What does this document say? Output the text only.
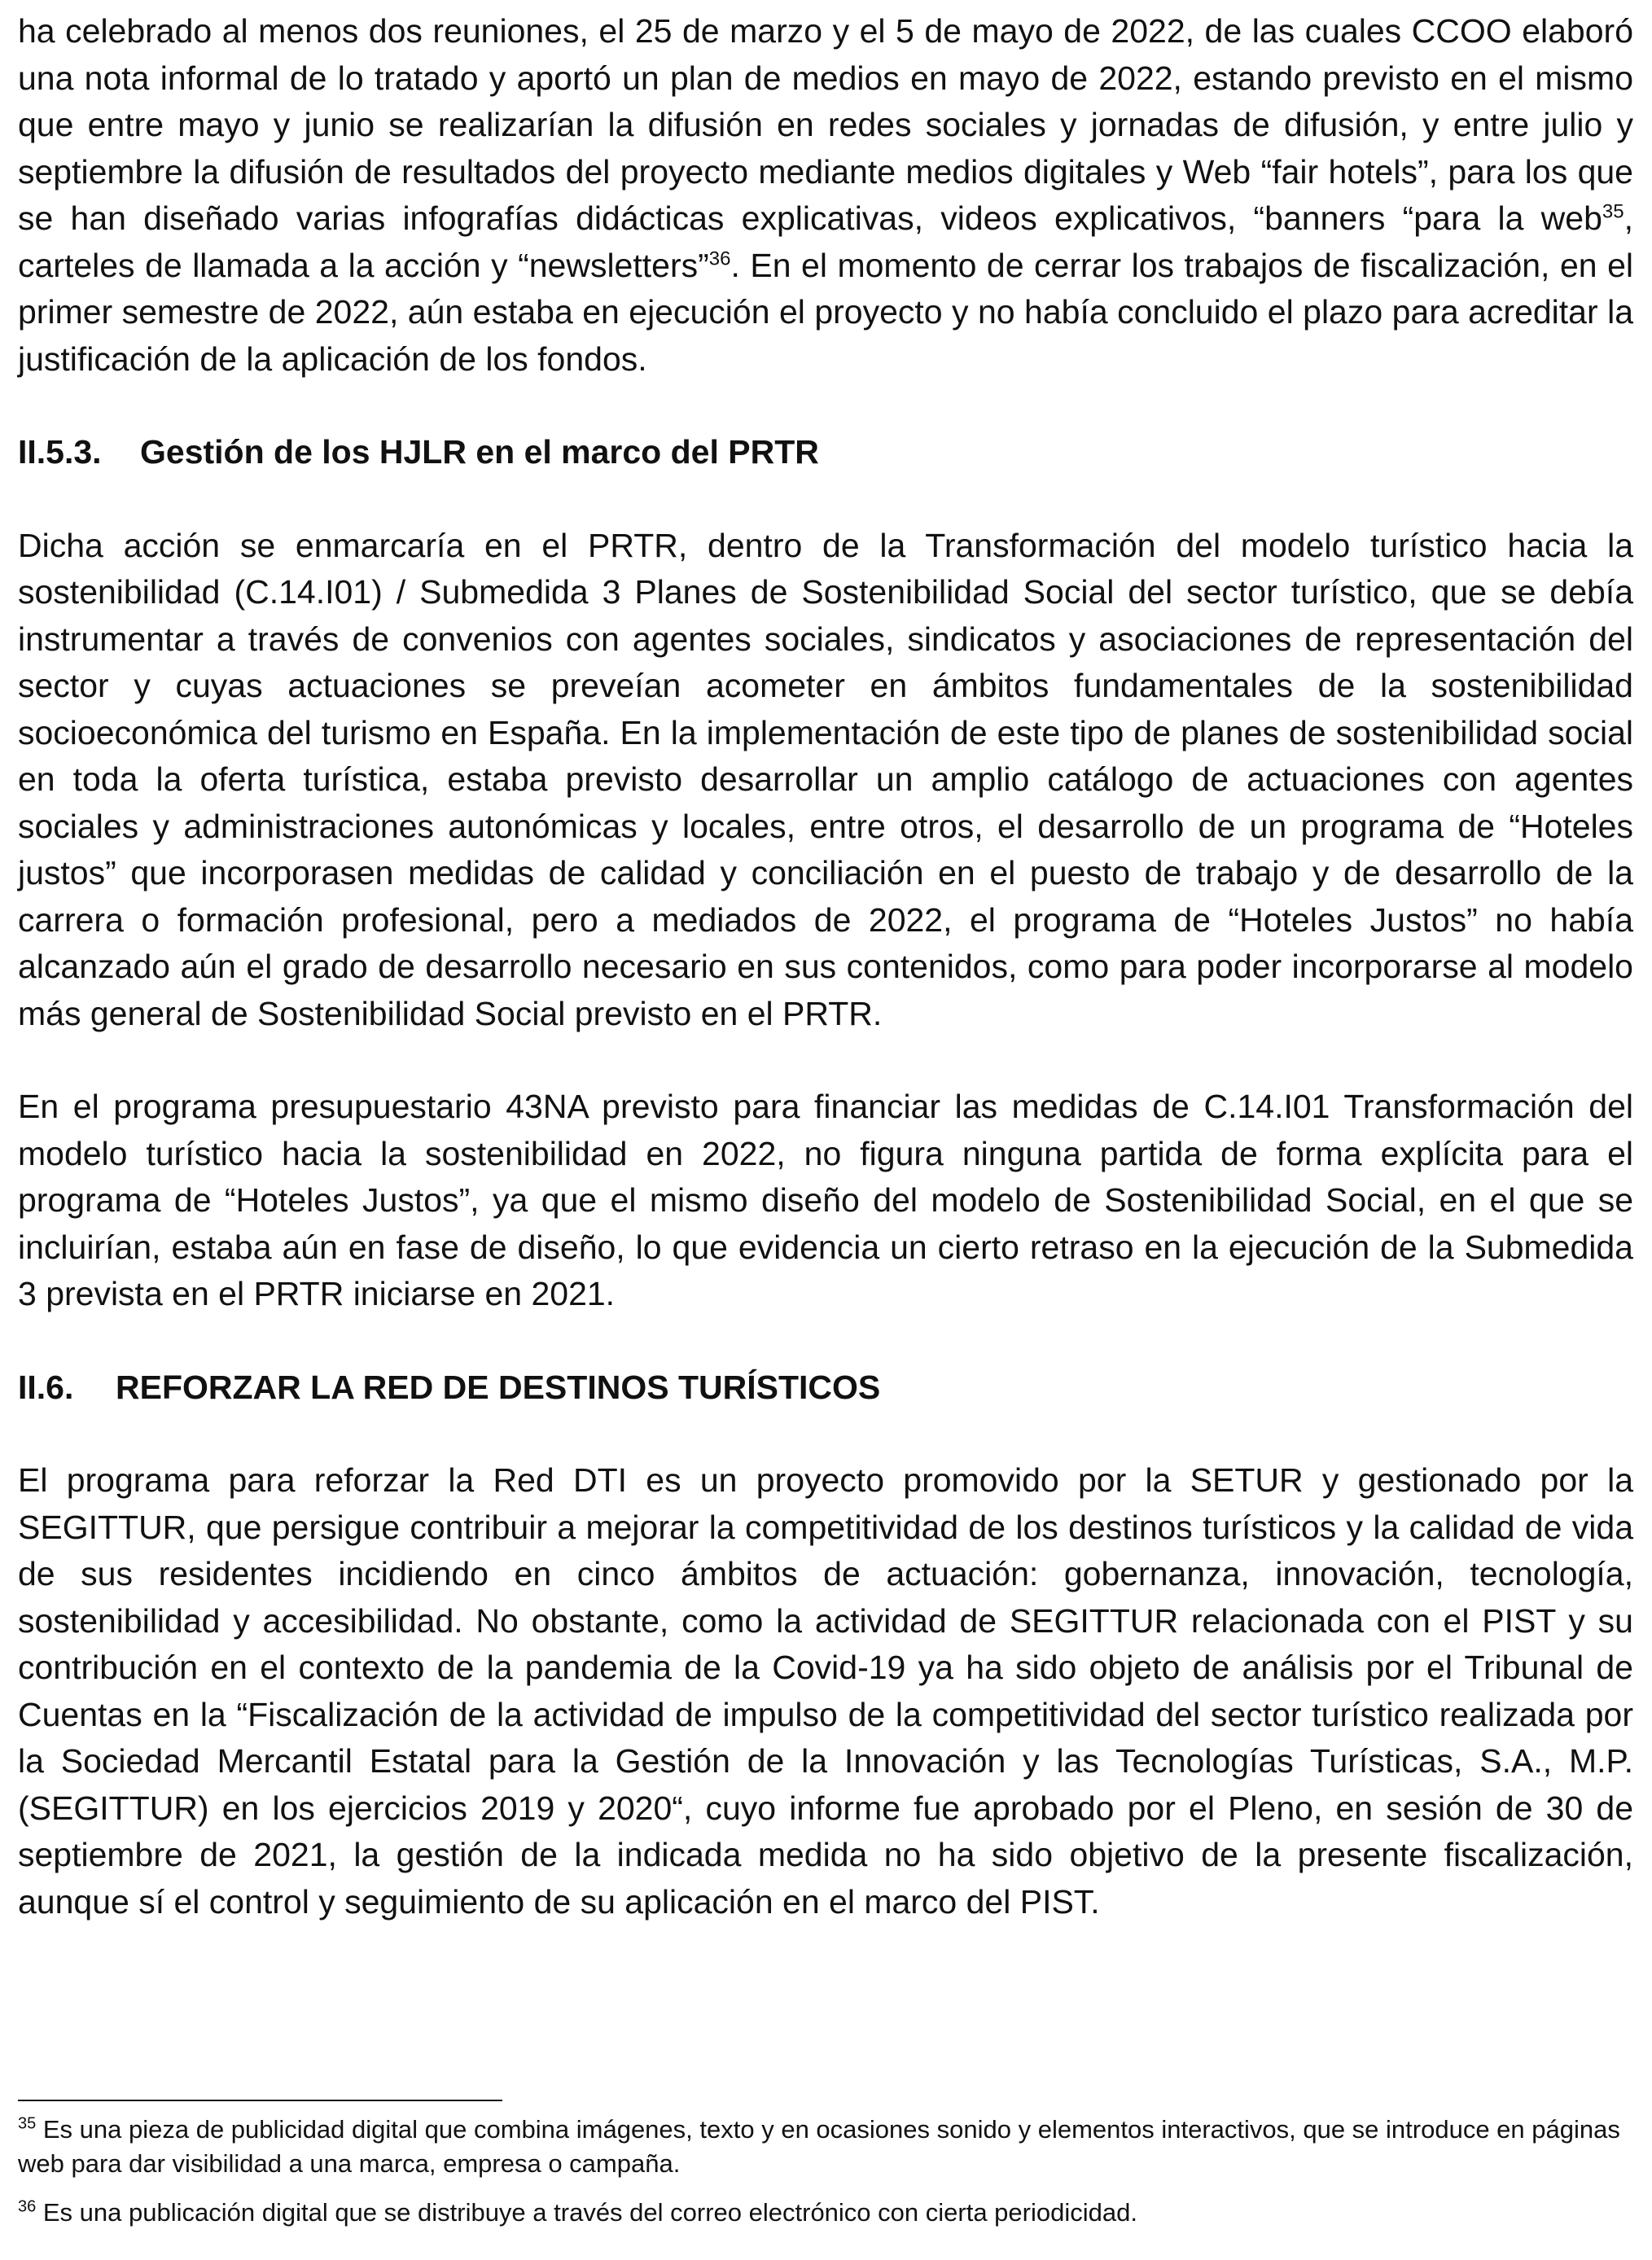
ha celebrado al menos dos reuniones, el 25 de marzo y el 5 de mayo de 2022, de las cuales CCOO elaboró una nota informal de lo tratado y aportó un plan de medios en mayo de 2022, estando previsto en el mismo que entre mayo y junio se realizarían la difusión en redes sociales y jornadas de difusión, y entre julio y septiembre la difusión de resultados del proyecto mediante medios digitales y Web “fair hotels”, para los que se han diseñado varias infografías didácticas explicativas, videos explicativos, “banners “para la web$^{35}$, carteles de llamada a la acción y “newsletters”$^{36}$. En el momento de cerrar los trabajos de fiscalización, en el primer semestre de 2022, aún estaba en ejecución el proyecto y no había concluido el plazo para acreditar la justificación de la aplicación de los fondos.

II.5.3. Gestión de los HJLR en el marco del PRTR

Dicha acción se enmarcaría en el PRTR, dentro de la Transformación del modelo turístico hacia la sostenibilidad (C.14.I01) / Submedida 3 Planes de Sostenibilidad Social del sector turístico, que se debía instrumentar a través de convenios con agentes sociales, sindicatos y asociaciones de representación del sector y cuyas actuaciones se preveían acometer en ámbitos fundamentales de la sostenibilidad socioeconómica del turismo en España. En la implementación de este tipo de planes de sostenibilidad social en toda la oferta turística, estaba previsto desarrollar un amplio catálogo de actuaciones con agentes sociales y administraciones autonómicas y locales, entre otros, el desarrollo de un programa de “Hoteles justos” que incorporasen medidas de calidad y conciliación en el puesto de trabajo y de desarrollo de la carrera o formación profesional, pero a mediados de 2022, el programa de “Hoteles Justos” no había alcanzado aún el grado de desarrollo necesario en sus contenidos, como para poder incorporarse al modelo más general de Sostenibilidad Social previsto en el PRTR.

En el programa presupuestario 43NA previsto para financiar las medidas de C.14.I01 Transformación del modelo turístico hacia la sostenibilidad en 2022, no figura ninguna partida de forma explícita para el programa de “Hoteles Justos”, ya que el mismo diseño del modelo de Sostenibilidad Social, en el que se incluirían, estaba aún en fase de diseño, lo que evidencia un cierto retraso en la ejecución de la Submedida 3 prevista en el PRTR iniciarse en 2021.

II.6. REFORZAR LA RED DE DESTINOS TURÍSTICOS

El programa para reforzar la Red DTI es un proyecto promovido por la SETUR y gestionado por la SEGITTUR, que persigue contribuir a mejorar la competitividad de los destinos turísticos y la calidad de vida de sus residentes incidiendo en cinco ámbitos de actuación: gobernanza, innovación, tecnología, sostenibilidad y accesibilidad. No obstante, como la actividad de SEGITTUR relacionada con el PIST y su contribución en el contexto de la pandemia de la Covid-19 ya ha sido objeto de análisis por el Tribunal de Cuentas en la “Fiscalización de la actividad de impulso de la competitividad del sector turístico realizada por la Sociedad Mercantil Estatal para la Gestión de la Innovación y las Tecnologías Turísticas, S.A., M.P. (SEGITTUR) en los ejercicios 2019 y 2020“, cuyo informe fue aprobado por el Pleno, en sesión de 30 de septiembre de 2021, la gestión de la indicada medida no ha sido objetivo de la presente fiscalización, aunque sí el control y seguimiento de su aplicación en el marco del PIST.

$^{35}$ Es una pieza de publicidad digital que combina imágenes, texto y en ocasiones sonido y elementos interactivos, que se introduce en páginas web para dar visibilidad a una marca, empresa o campaña.

$^{36}$ Es una publicación digital que se distribuye a través del correo electrónico con cierta periodicidad.
